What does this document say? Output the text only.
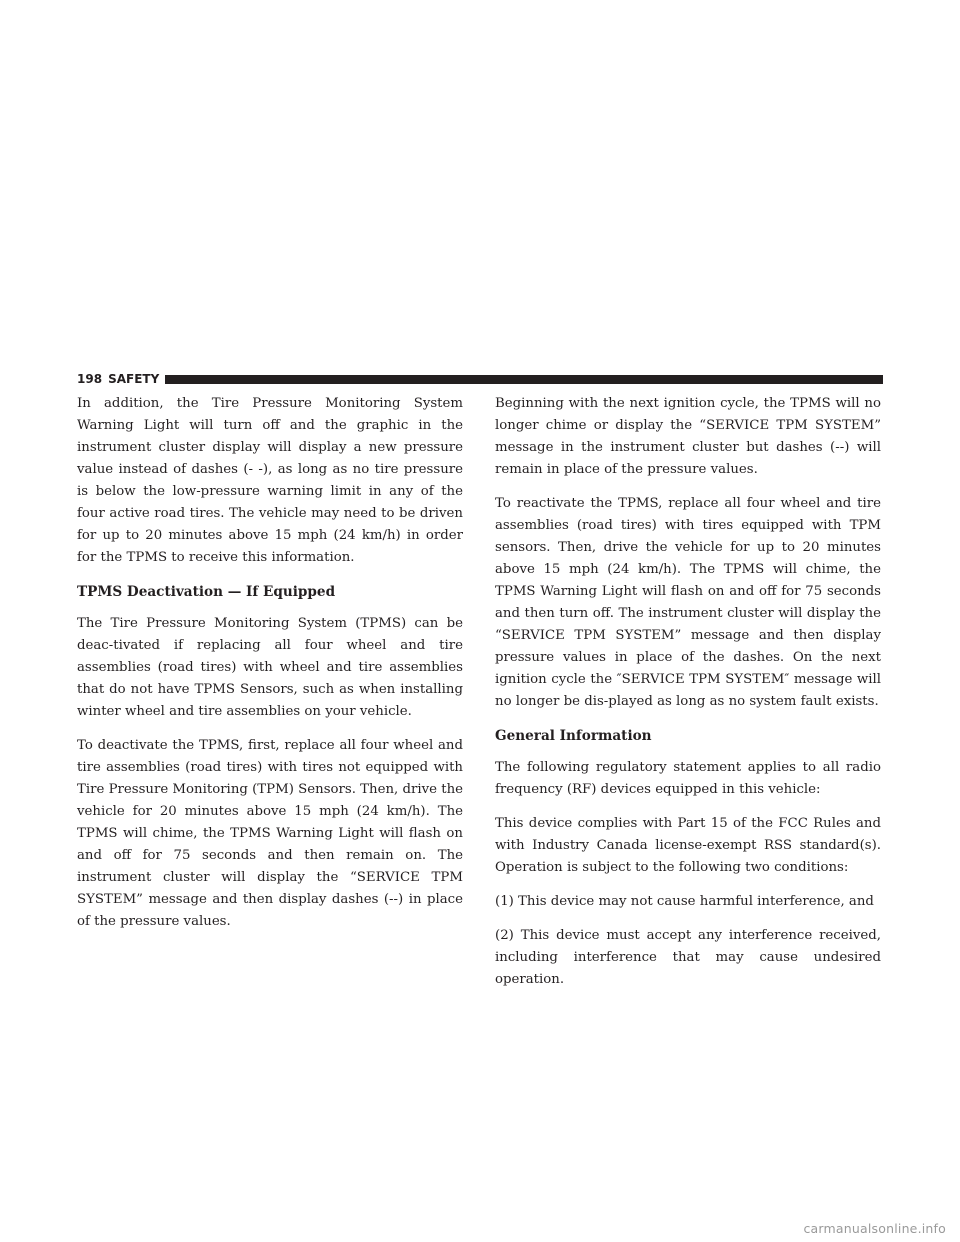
198 SAFETY

In addition, the Tire Pressure Monitoring System Warning Light will turn off and the graphic in the instrument cluster display will display a new pressure value instead of dashes (- -), as long as no tire pressure is below the low-pressure warning limit in any of the four active road tires. The vehicle may need to be driven for up to 20 minutes above 15 mph (24 km/h) in order for the TPMS to receive this information.

TPMS Deactivation — If Equipped

The Tire Pressure Monitoring System (TPMS) can be deac-tivated if replacing all four wheel and tire assemblies (road tires) with wheel and tire assemblies that do not have TPMS Sensors, such as when installing winter wheel and tire assemblies on your vehicle.

To deactivate the TPMS, first, replace all four wheel and tire assemblies (road tires) with tires not equipped with Tire Pressure Monitoring (TPM) Sensors. Then, drive the vehicle for 20 minutes above 15 mph (24 km/h). The TPMS will chime, the TPMS Warning Light will flash on and off for 75 seconds and then remain on. The instrument cluster will display the “SERVICE TPM SYSTEM” message and then display dashes (--) in place of the pressure values.

Beginning with the next ignition cycle, the TPMS will no longer chime or display the “SERVICE TPM SYSTEM” message in the instrument cluster but dashes (--) will remain in place of the pressure values.

To reactivate the TPMS, replace all four wheel and tire assemblies (road tires) with tires equipped with TPM sensors. Then, drive the vehicle for up to 20 minutes above 15 mph (24 km/h). The TPMS will chime, the TPMS Warning Light will flash on and off for 75 seconds and then turn off. The instrument cluster will display the “SERVICE TPM SYSTEM” message and then display pressure values in place of the dashes. On the next ignition cycle the ″SERVICE TPM SYSTEM″ message will no longer be dis-played as long as no system fault exists.

General Information

The following regulatory statement applies to all radio frequency (RF) devices equipped in this vehicle:

This device complies with Part 15 of the FCC Rules and with Industry Canada license-exempt RSS standard(s). Operation is subject to the following two conditions:

(1) This device may not cause harmful interference, and

(2) This device must accept any interference received, including interference that may cause undesired operation.

carmanualsonline.info
